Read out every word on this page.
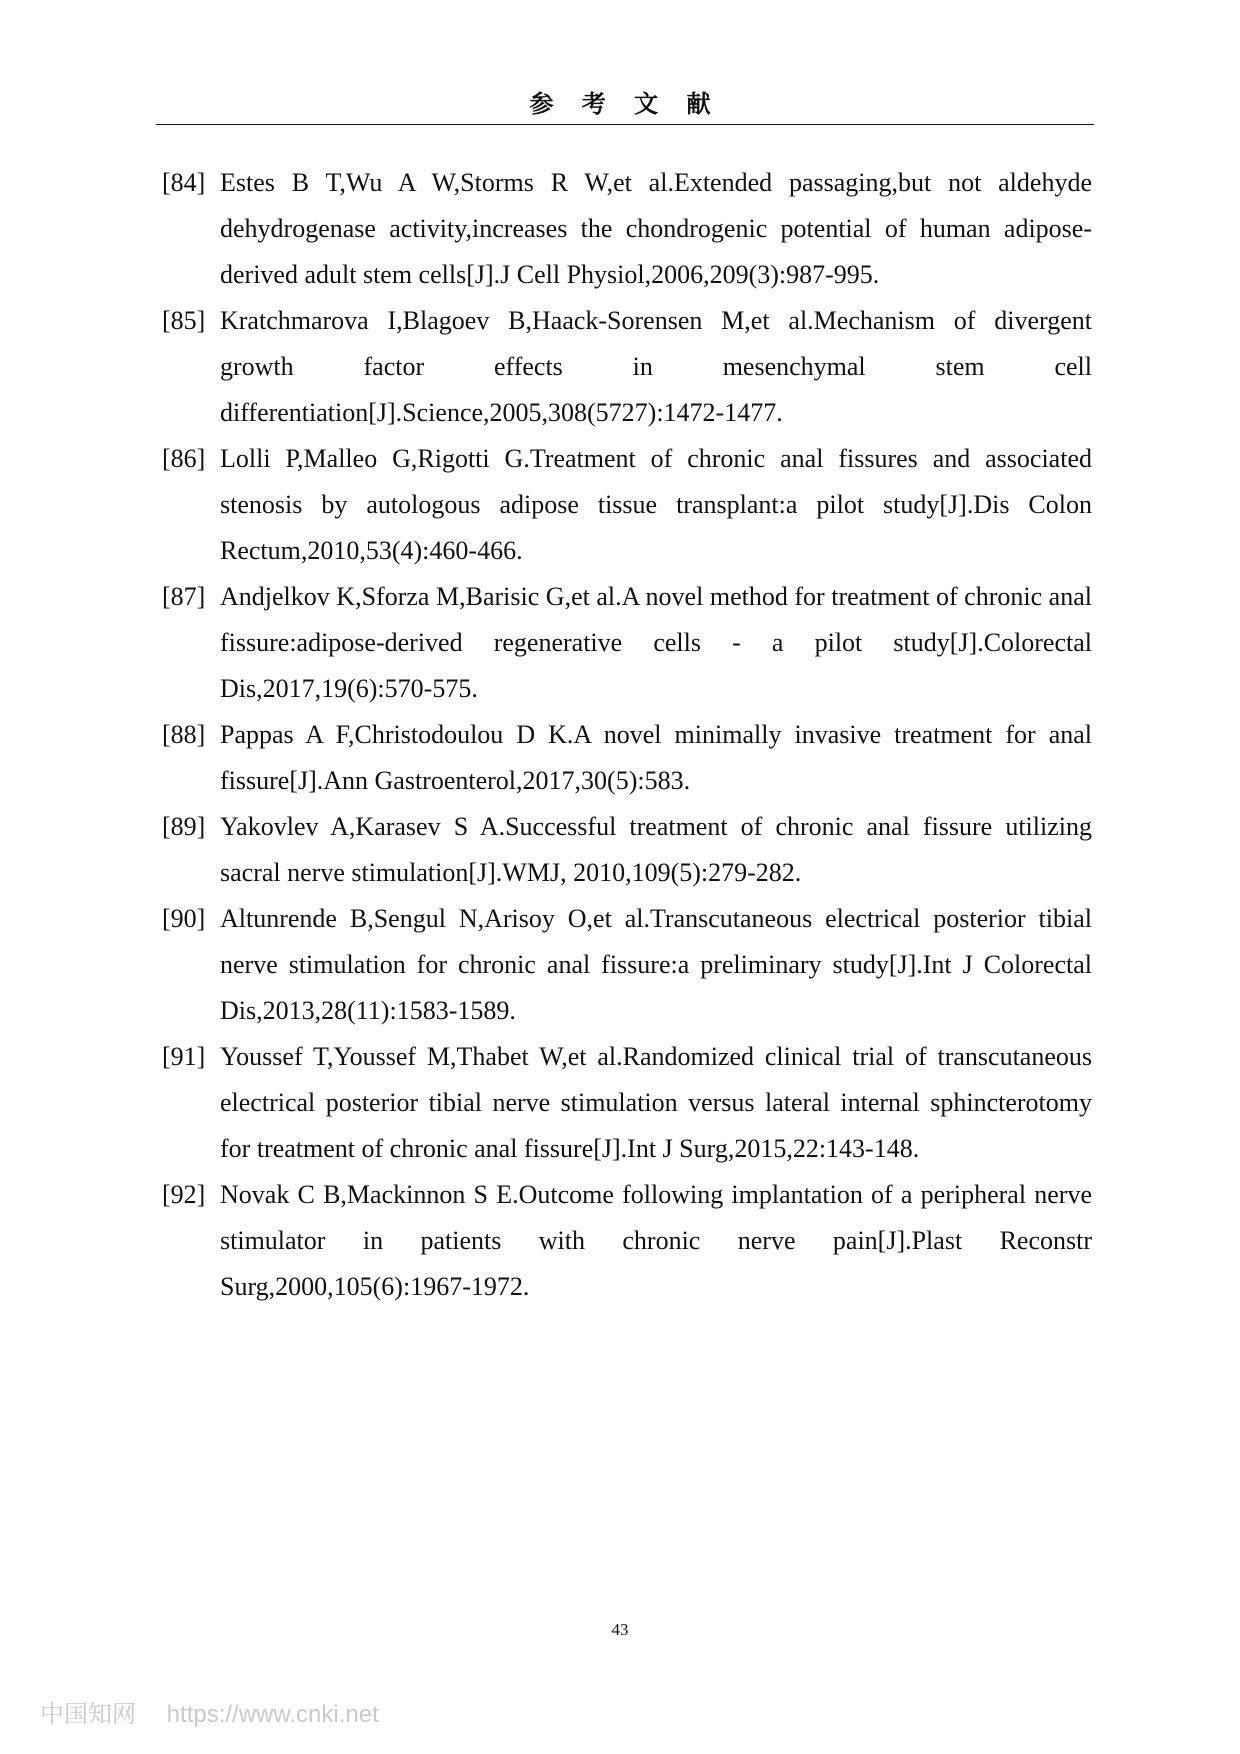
参 考 文 献
[84] Estes B T,Wu A W,Storms R W,et al.Extended passaging,but not aldehyde dehydrogenase activity,increases the chondrogenic potential of human adipose-derived adult stem cells[J].J Cell Physiol,2006,209(3):987-995.
[85] Kratchmarova I,Blagoev B,Haack-Sorensen M,et al.Mechanism of divergent growth factor effects in mesenchymal stem cell differentiation[J].Science,2005,308(5727):1472-1477.
[86] Lolli P,Malleo G,Rigotti G.Treatment of chronic anal fissures and associated stenosis by autologous adipose tissue transplant:a pilot study[J].Dis Colon Rectum,2010,53(4):460-466.
[87] Andjelkov K,Sforza M,Barisic G,et al.A novel method for treatment of chronic anal fissure:adipose-derived regenerative cells - a pilot study[J].Colorectal Dis,2017,19(6):570-575.
[88] Pappas A F,Christodoulou D K.A novel minimally invasive treatment for anal fissure[J].Ann Gastroenterol,2017,30(5):583.
[89] Yakovlev A,Karasev S A.Successful treatment of chronic anal fissure utilizing sacral nerve stimulation[J].WMJ, 2010,109(5):279-282.
[90] Altunrende B,Sengul N,Arisoy O,et al.Transcutaneous electrical posterior tibial nerve stimulation for chronic anal fissure:a preliminary study[J].Int J Colorectal Dis,2013,28(11):1583-1589.
[91] Youssef T,Youssef M,Thabet W,et al.Randomized clinical trial of transcutaneous electrical posterior tibial nerve stimulation versus lateral internal sphincterotomy for treatment of chronic anal fissure[J].Int J Surg,2015,22:143-148.
[92] Novak C B,Mackinnon S E.Outcome following implantation of a peripheral nerve stimulator in patients with chronic nerve pain[J].Plast Reconstr Surg,2000,105(6):1967-1972.
43
中国知网 https://www.cnki.net
